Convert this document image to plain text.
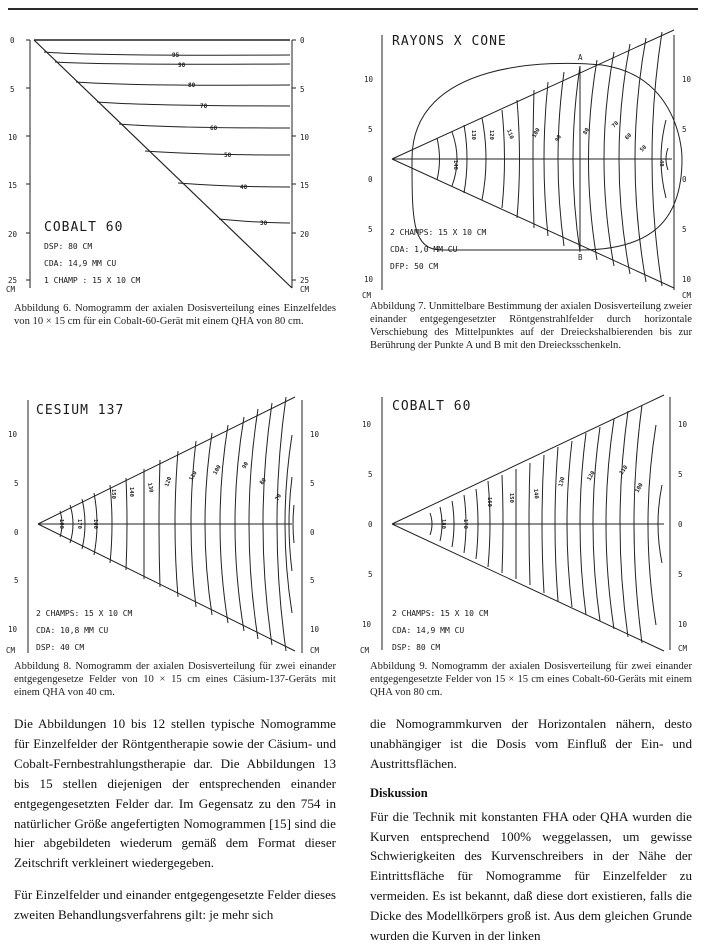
95
90
80
70
60
50
40
30
0
5
10
15
20
25
CM
0
5
10
15
20
25
CM
COBALT 60
DSP: 80 CM
CDA: 14,9 MM CU
1 CHAMP : 15 X 10 CM
Abbildung 6. Nomogramm der axialen Dosisverteilung eines Einzelfeldes von 10 × 15 cm für ein Cobalt-60-Gerät mit einem QHA von 80 cm.
140
130 120 110	100 90
80
70
60
50
40
A
B
10
5
0
5
10
CM
10
5
0
5
10
CM
RAYONS X CONE
2 CHAMPS: 15 X 10 CM
CDA: 1,0 MM CU
DFP: 50 CM
Abbildung 7. Unmittelbare Bestimmung der axialen Dosisverteilung zweier einander entgegengesetzter Röntgenstrahlfelder durch horizontale Verschiebung des Mittelpunktes auf der Dreieckshalbierenden bis zur Berührung der Punkte A und B mit den Dreiecksschenkeln.
180 170 160
150 140 130
120	110
100	90
80
70
10
5
0
5
10
CM
10
5
0
5
10
CM
CESIUM 137
2 CHAMPS: 15 X 10 CM
CDA: 10,8 MM CU
DSP: 40 CM
Abbildung 8. Nomogramm der axialen Dosisverteilung für zwei einander entgegengesetze Felder von 10 × 15 cm eines Cäsium-137-Geräts mit einem QHA von 40 cm.
180	170
160	150	140
130	120
110
100
10
5
0
5
10
CM
10
5
0
5
10
CM
COBALT 60
2 CHAMPS: 15 X 10 CM
CDA: 14,9 MM CU
DSP: 80 CM
Abbildung 9. Nomogramm der axialen Dosisverteilung für zwei einander entgegengesetzte Felder von 15 × 15 cm eines Cobalt-60-Geräts mit einem QHA von 80 cm.

Die Abbildungen 10 bis 12 stellen typische Nomogramme für Einzelfelder der Röntgentherapie sowie der Cäsium- und Cobalt-Fernbestrahlungstherapie dar. Die Abbildungen 13 bis 15 stellen diejenigen der entsprechenden einander entgegengesetzten Felder dar. Im Gegensatz zu den 754 in natürlicher Größe angefertigten Nomogrammen [15] sind die hier abgebildeten wiederum gemäß dem Format dieser Zeitschrift verkleinert wiedergegeben.

Für Einzelfelder und einander entgegengesetzte Felder dieses zweiten Behandlungsverfahrens gilt: je mehr sich

die Nomogrammkurven der Horizontalen nähern, desto unabhängiger ist die Dosis vom Einfluß der Ein- und Austrittsflächen.

Diskussion

Für die Technik mit konstanten FHA oder QHA wurden die Kurven entsprechend 100% weggelassen, um gewisse Schwierigkeiten des Kurvenschreibers in der Nähe der Eintrittsfläche für Nomogramme für Einzelfelder zu vermeiden. Es ist bekannt, daß diese dort existieren, falls die Dicke des Modellkörpers groß ist. Aus dem gleichen Grunde wurden die Kurven in der linken
